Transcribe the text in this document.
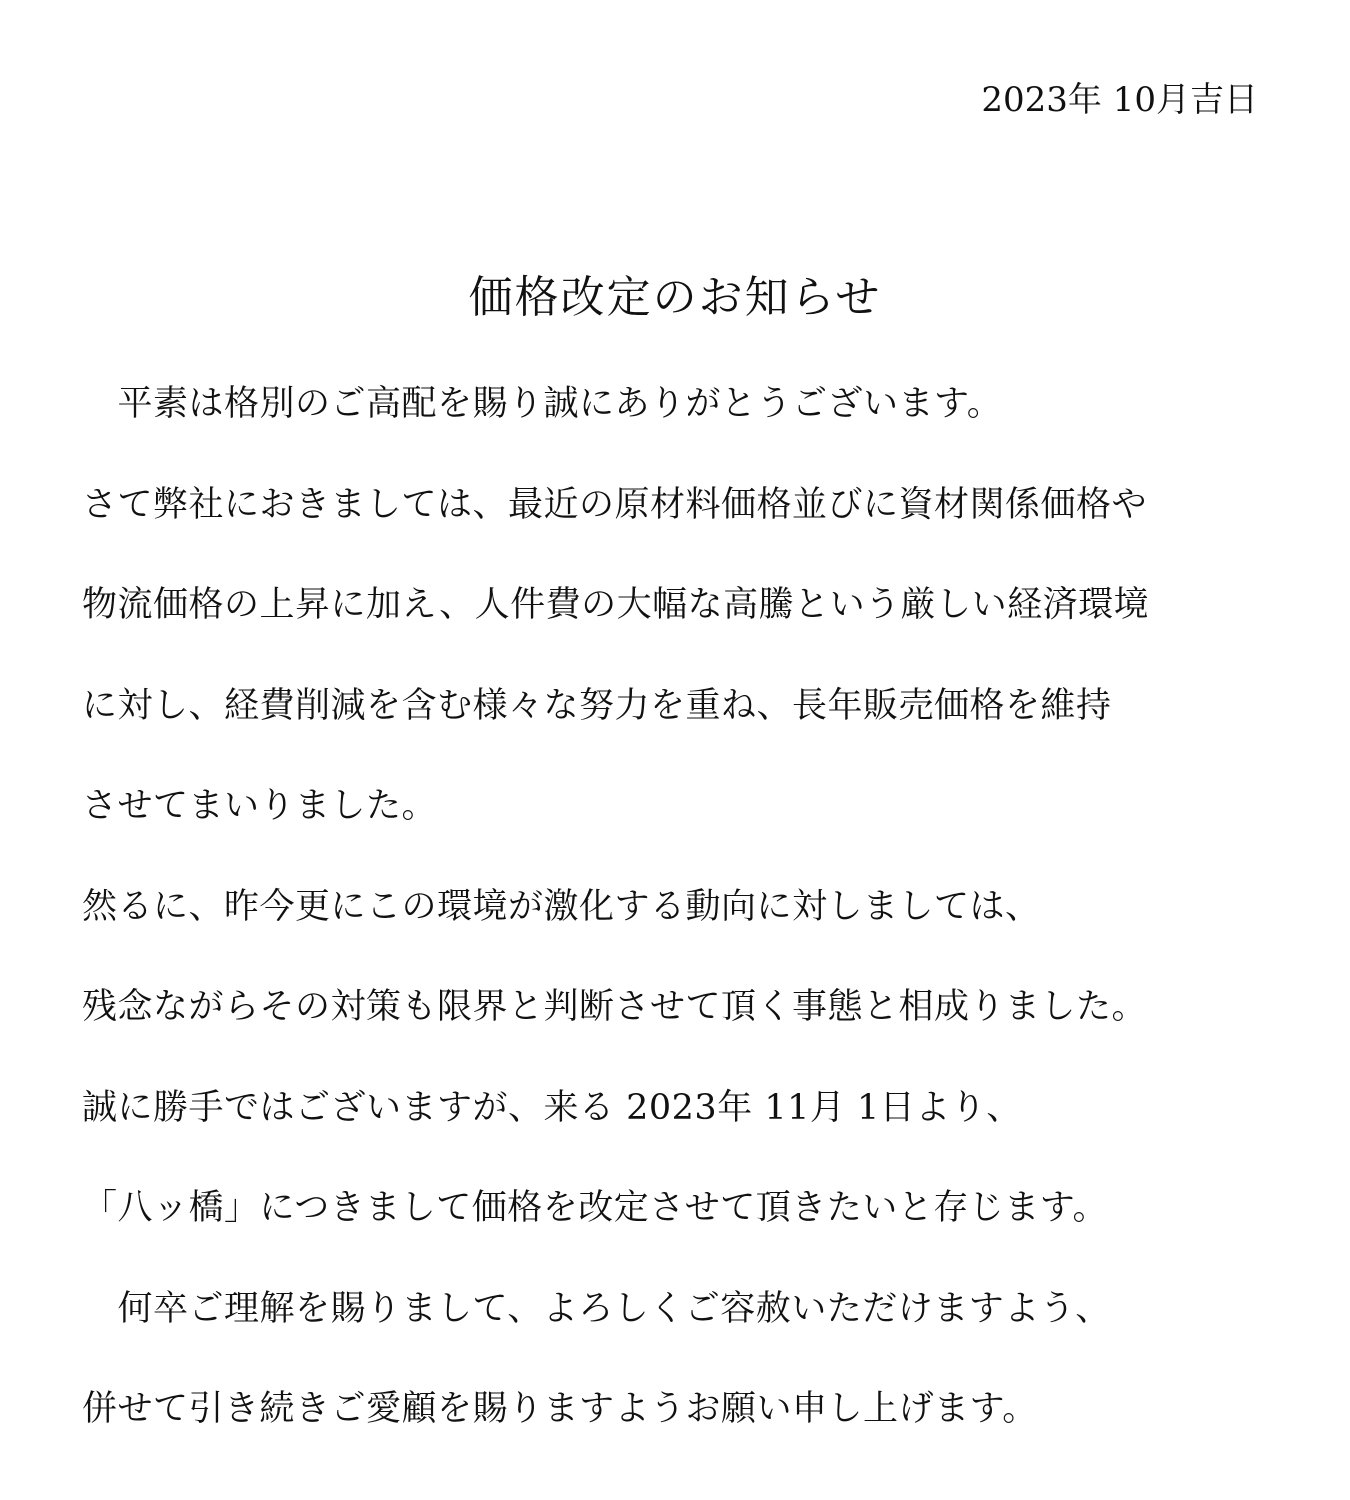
2023年 10月吉日
価格改定のお知らせ
　平素は格別のご高配を賜り誠にありがとうございます。
さて弊社におきましては、最近の原材料価格並びに資材関係価格や
物流価格の上昇に加え、人件費の大幅な高騰という厳しい経済環境
に対し、経費削減を含む様々な努力を重ね、長年販売価格を維持
させてまいりました。
然るに、昨今更にこの環境が激化する動向に対しましては、
残念ながらその対策も限界と判断させて頂く事態と相成りました。
誠に勝手ではございますが、来る 2023年 11月 1日より、
「八ッ橋」につきまして価格を改定させて頂きたいと存じます。
　何卒ご理解を賜りまして、よろしくご容赦いただけますよう、
併せて引き続きご愛顧を賜りますようお願い申し上げます。
